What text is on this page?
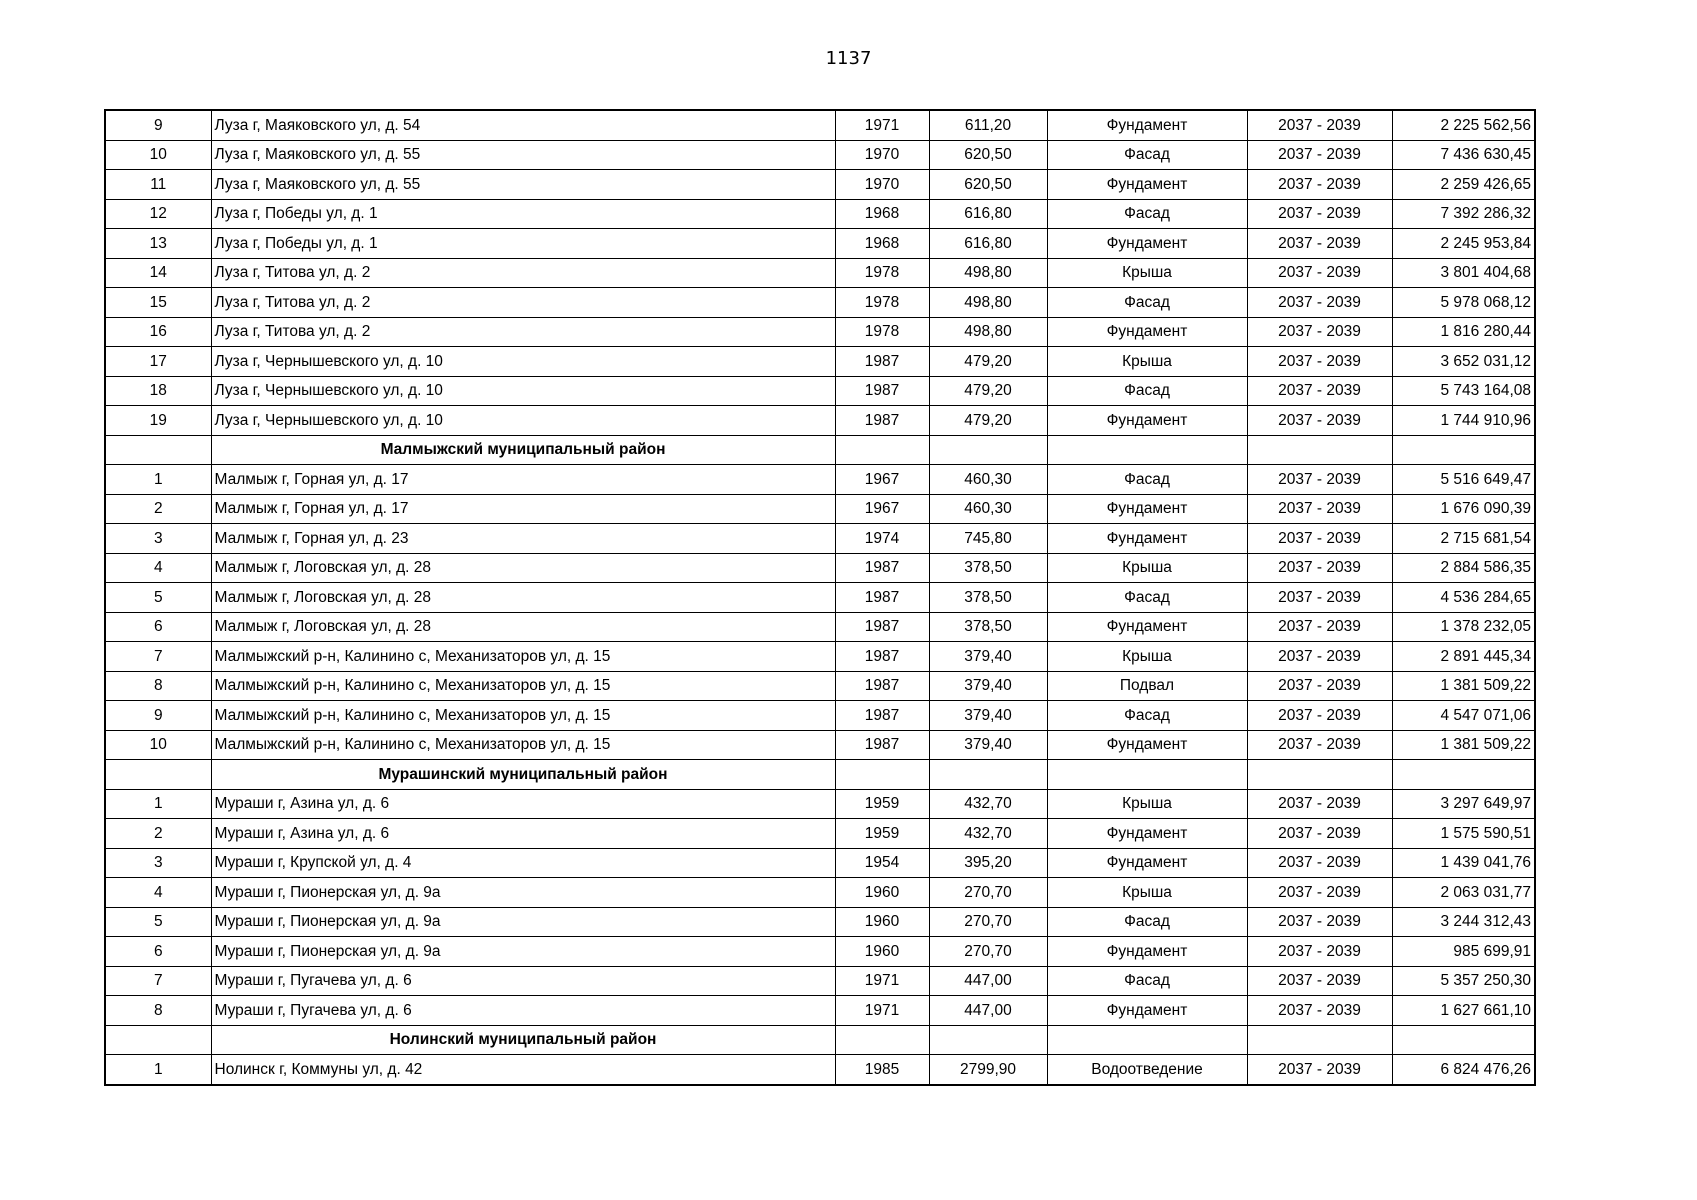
1137
9	Луза г, Маяковского ул, д. 54	1971	611,20	Фундамент	2037 - 2039	2 225 562,56
10	Луза г, Маяковского ул, д. 55	1970	620,50	Фасад	2037 - 2039	7 436 630,45
11	Луза г, Маяковского ул, д. 55	1970	620,50	Фундамент	2037 - 2039	2 259 426,65
12	Луза г, Победы ул, д. 1	1968	616,80	Фасад	2037 - 2039	7 392 286,32
13	Луза г, Победы ул, д. 1	1968	616,80	Фундамент	2037 - 2039	2 245 953,84
14	Луза г, Титова ул, д. 2	1978	498,80	Крыша	2037 - 2039	3 801 404,68
15	Луза г, Титова ул, д. 2	1978	498,80	Фасад	2037 - 2039	5 978 068,12
16	Луза г, Титова ул, д. 2	1978	498,80	Фундамент	2037 - 2039	1 816 280,44
17	Луза г, Чернышевского ул, д. 10	1987	479,20	Крыша	2037 - 2039	3 652 031,12
18	Луза г, Чернышевского ул, д. 10	1987	479,20	Фасад	2037 - 2039	5 743 164,08
19	Луза г, Чернышевского ул, д. 10	1987	479,20	Фундамент	2037 - 2039	1 744 910,96
	Малмыжский муниципальный район					
1	Малмыж г, Горная ул, д. 17	1967	460,30	Фасад	2037 - 2039	5 516 649,47
2	Малмыж г, Горная ул, д. 17	1967	460,30	Фундамент	2037 - 2039	1 676 090,39
3	Малмыж г, Горная ул, д. 23	1974	745,80	Фундамент	2037 - 2039	2 715 681,54
4	Малмыж г, Логовская ул, д. 28	1987	378,50	Крыша	2037 - 2039	2 884 586,35
5	Малмыж г, Логовская ул, д. 28	1987	378,50	Фасад	2037 - 2039	4 536 284,65
6	Малмыж г, Логовская ул, д. 28	1987	378,50	Фундамент	2037 - 2039	1 378 232,05
7	Малмыжский р-н, Калинино с, Механизаторов ул, д. 15	1987	379,40	Крыша	2037 - 2039	2 891 445,34
8	Малмыжский р-н, Калинино с, Механизаторов ул, д. 15	1987	379,40	Подвал	2037 - 2039	1 381 509,22
9	Малмыжский р-н, Калинино с, Механизаторов ул, д. 15	1987	379,40	Фасад	2037 - 2039	4 547 071,06
10	Малмыжский р-н, Калинино с, Механизаторов ул, д. 15	1987	379,40	Фундамент	2037 - 2039	1 381 509,22
	Мурашинский муниципальный район					
1	Мураши г, Азина ул, д. 6	1959	432,70	Крыша	2037 - 2039	3 297 649,97
2	Мураши г, Азина ул, д. 6	1959	432,70	Фундамент	2037 - 2039	1 575 590,51
3	Мураши г, Крупской ул, д. 4	1954	395,20	Фундамент	2037 - 2039	1 439 041,76
4	Мураши г, Пионерская ул, д. 9а	1960	270,70	Крыша	2037 - 2039	2 063 031,77
5	Мураши г, Пионерская ул, д. 9а	1960	270,70	Фасад	2037 - 2039	3 244 312,43
6	Мураши г, Пионерская ул, д. 9а	1960	270,70	Фундамент	2037 - 2039	985 699,91
7	Мураши г, Пугачева ул, д. 6	1971	447,00	Фасад	2037 - 2039	5 357 250,30
8	Мураши г, Пугачева ул, д. 6	1971	447,00	Фундамент	2037 - 2039	1 627 661,10
	Нолинский муниципальный район					
1	Нолинск г, Коммуны ул, д. 42	1985	2799,90	Водоотведение	2037 - 2039	6 824 476,26
